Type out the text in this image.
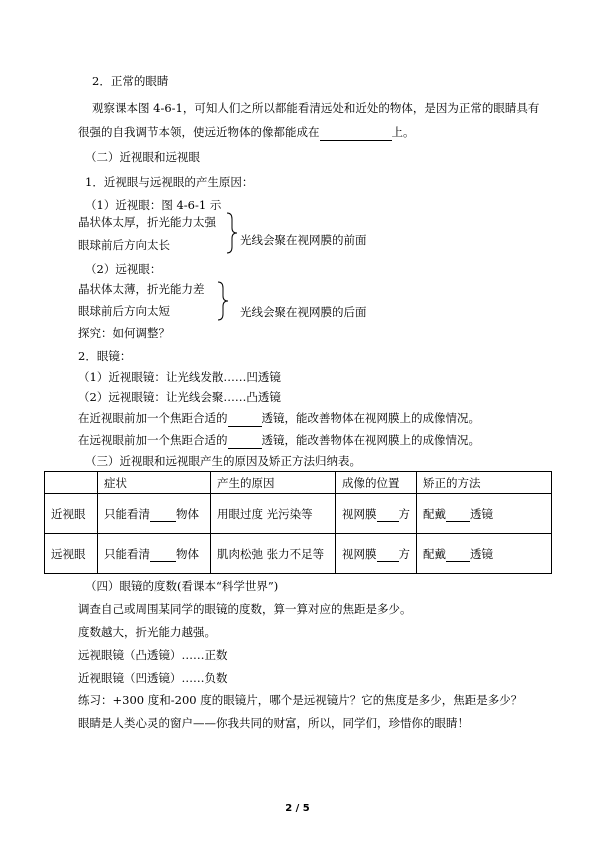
2．正常的眼睛
观察课本图 4-6-1，可知人们之所以都能看清远处和近处的物体，是因为正常的眼睛具有
很强的自我调节本领，使远近物体的像都能成在	上。
（二）近视眼和远视眼
1．近视眼与远视眼的产生原因：
（1）近视眼：图 4-6-1 示
晶状体太厚，折光能力太强
眼球前后方向太长	光线会聚在视网膜的前面
（2）远视眼：
晶状体太薄，折光能力差
眼球前后方向太短	光线会聚在视网膜的后面
探究：如何调整？
2．眼镜：
（1）近视眼镜：让光线发散……凹透镜
（2）远视眼镜：让光线会聚……凸透镜
在近视眼前加一个焦距合适的	透镜，能改善物体在视网膜上的成像情况。
在远视眼前加一个焦距合适的	透镜，能改善物体在视网膜上的成像情况。
（三）近视眼和远视眼产生的原因及矫正方法归纳表。
	症状	产生的原因	成像的位置	矫正的方法
近视眼	只能看清 物体	用眼过度 光污染等	视网膜 方	配戴 透镜
远视眼	只能看清 物体	肌肉松弛 张力不足等	视网膜 方	配戴 透镜
（四）眼镜的度数(看课本“科学世界”)
调查自己或周围某同学的眼镜的度数，算一算对应的焦距是多少。
度数越大，折光能力越强。
远视眼镜（凸透镜）……正数
近视眼镜（凹透镜）……负数
练习：+300 度和-200 度的眼镜片，哪个是远视镜片？它的焦度是多少，焦距是多少？
眼睛是人类心灵的窗户——你我共同的财富，所以，同学们，珍惜你的眼睛！
2 / 5
